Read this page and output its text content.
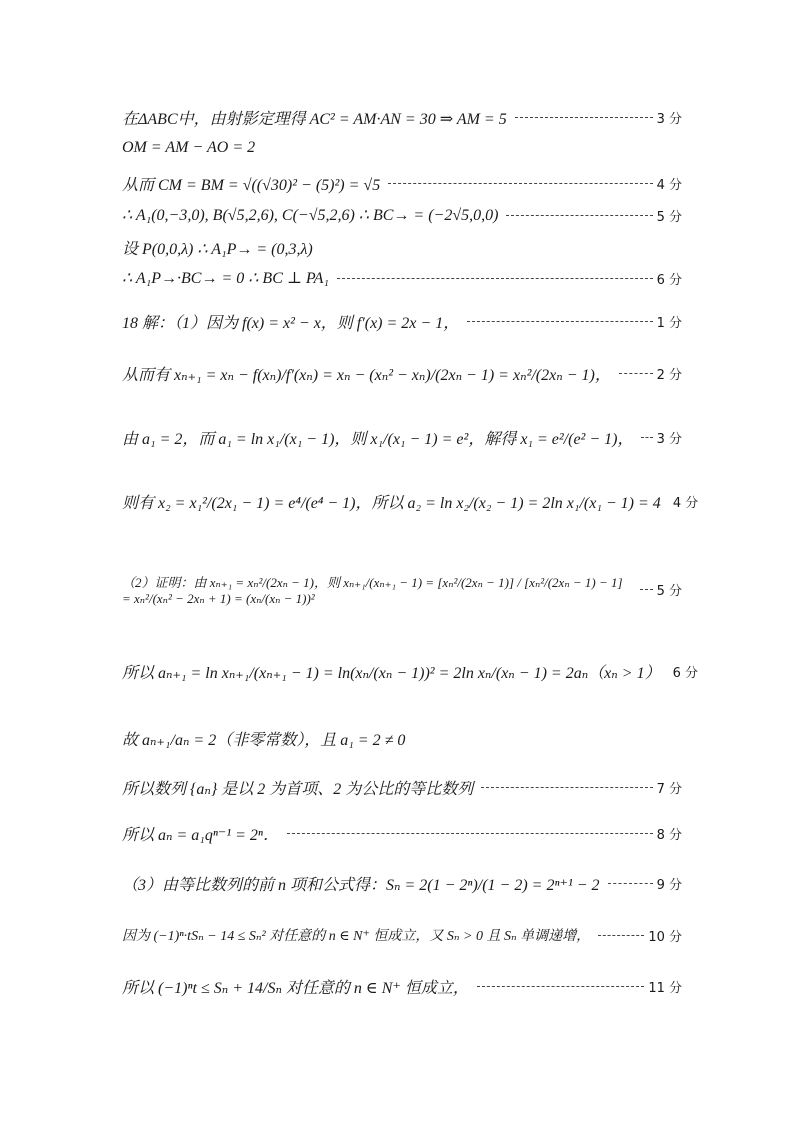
在ΔABC中，由射影定理得 AC² = AM·AN = 30 ⇒ AM = 5	3 分
OM = AM − AO = 2
从而 CM = BM = √((√30)² − (5)²) = √5	4 分
∴ A₁(0,−3,0), B(√5,2,6), C(−√5,2,6) ∴ BC→ = (−2√5,0,0)	5 分
设 P(0,0,λ) ∴ A₁P→ = (0,3,λ)
∴ A₁P→·BC→ = 0 ∴ BC ⊥ PA₁	6 分
18 解：（1）因为 f(x) = x² − x，则 f′(x) = 2x − 1，	1 分
从而有 xₙ₊₁ = xₙ − f(xₙ)/f′(xₙ) = xₙ − (xₙ² − xₙ)/(2xₙ − 1) = xₙ²/(2xₙ − 1)，	2 分
由 a₁ = 2，而 a₁ = ln x₁/(x₁ − 1)，则 x₁/(x₁ − 1) = e²，解得 x₁ = e²/(e² − 1)， 3 分
则有 x₂ = x₁²/(2x₁ − 1) = e⁴/(e⁴ − 1)，所以 a₂ = ln x₂/(x₂ − 1) = 2ln x₁/(x₁ − 1) = 4 4 分
（2）证明：由 xₙ₊₁ = xₙ²/(2xₙ − 1)，则 xₙ₊₁/(xₙ₊₁ − 1) = [xₙ²/(2xₙ − 1)] / [xₙ²/(2xₙ − 1) − 1] = xₙ²/(xₙ² − 2xₙ + 1) = (xₙ/(xₙ − 1))²	5 分
所以 aₙ₊₁ = ln xₙ₊₁/(xₙ₊₁ − 1) = ln(xₙ/(xₙ − 1))² = 2ln xₙ/(xₙ − 1) = 2aₙ（xₙ > 1） 6 分
故 aₙ₊₁/aₙ = 2（非零常数），且 a₁ = 2 ≠ 0
所以数列 {aₙ} 是以 2 为首项、2 为公比的等比数列	7 分
所以 aₙ = a₁qⁿ⁻¹ = 2ⁿ．	8 分
（3）由等比数列的前 n 项和公式得：Sₙ = 2(1 − 2ⁿ)/(1 − 2) = 2ⁿ⁺¹ − 2	9 分
因为 (−1)ⁿ·tSₙ − 14 ≤ Sₙ² 对任意的 n ∈ N⁺ 恒成立，又 Sₙ > 0 且 Sₙ 单调递增，	10 分
所以 (−1)ⁿt ≤ Sₙ + 14/Sₙ 对任意的 n ∈ N⁺ 恒成立，	11 分
